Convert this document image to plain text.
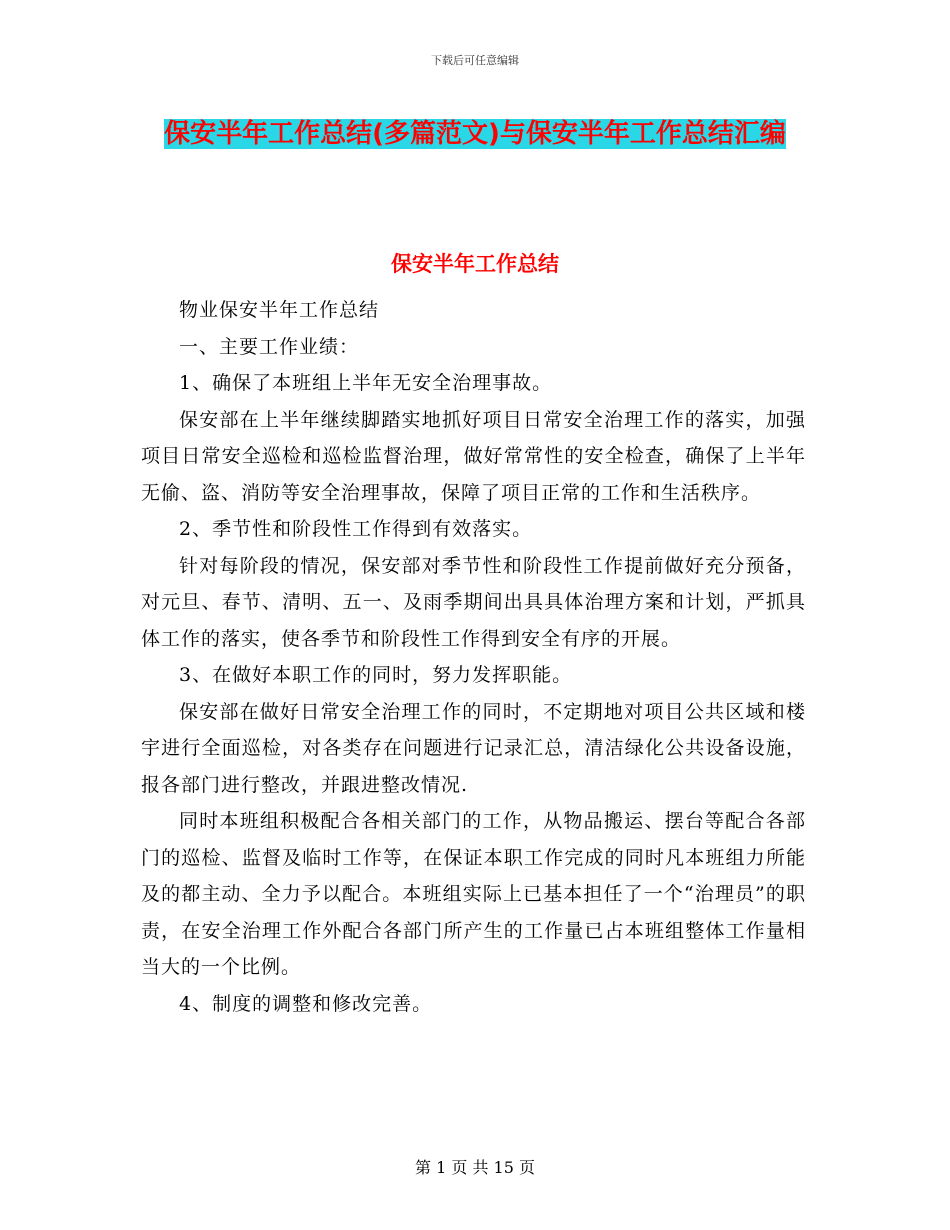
下载后可任意编辑
保安半年工作总结(多篇范文)与保安半年工作总结汇编
保安半年工作总结

物业保安半年工作总结

一、主要工作业绩：

1、确保了本班组上半年无安全治理事故。

保安部在上半年继续脚踏实地抓好项目日常安全治理工作的落实，加强项目日常安全巡检和巡检监督治理，做好常常性的安全检查，确保了上半年无偷、盗、消防等安全治理事故，保障了项目正常的工作和生活秩序。

2、季节性和阶段性工作得到有效落实。

针对每阶段的情况，保安部对季节性和阶段性工作提前做好充分预备，对元旦、春节、清明、五一、及雨季期间出具具体治理方案和计划，严抓具体工作的落实，使各季节和阶段性工作得到安全有序的开展。

3、在做好本职工作的同时，努力发挥职能。

保安部在做好日常安全治理工作的同时，不定期地对项目公共区域和楼宇进行全面巡检，对各类存在问题进行记录汇总，清洁绿化公共设备设施，报各部门进行整改，并跟进整改情况.

同时本班组积极配合各相关部门的工作，从物品搬运、摆台等配合各部门的巡检、监督及临时工作等，在保证本职工作完成的同时凡本班组力所能及的都主动、全力予以配合。本班组实际上已基本担任了一个“治理员”的职责，在安全治理工作外配合各部门所产生的工作量已占本班组整体工作量相当大的一个比例。

4、制度的调整和修改完善。

第 1 页 共 15 页
